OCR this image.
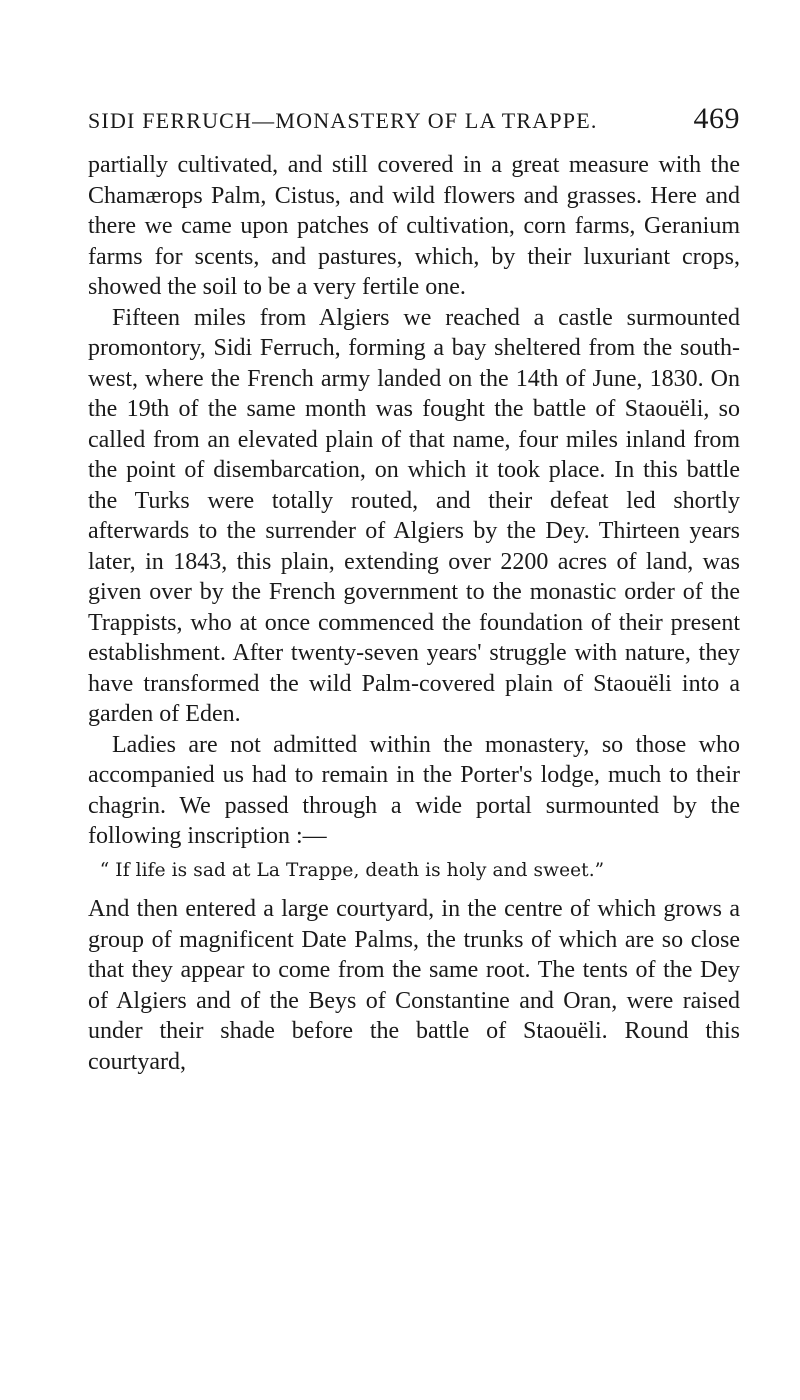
SIDI FERRUCH—MONASTERY OF LA TRAPPE.	469

partially cultivated, and still covered in a great measure with the Chamærops Palm, Cistus, and wild flowers and grasses. Here and there we came upon patches of cultivation, corn farms, Geranium farms for scents, and pastures, which, by their luxuriant crops, showed the soil to be a very fertile one.

Fifteen miles from Algiers we reached a castle surmounted promontory, Sidi Ferruch, forming a bay sheltered from the south-west, where the French army landed on the 14th of June, 1830. On the 19th of the same month was fought the battle of Staouëli, so called from an elevated plain of that name, four miles inland from the point of disembarcation, on which it took place. In this battle the Turks were totally routed, and their defeat led shortly afterwards to the surrender of Algiers by the Dey. Thirteen years later, in 1843, this plain, extending over 2200 acres of land, was given over by the French government to the monastic order of the Trappists, who at once commenced the foundation of their present establishment. After twenty-seven years' struggle with nature, they have transformed the wild Palm-covered plain of Staouëli into a garden of Eden.

Ladies are not admitted within the monastery, so those who accompanied us had to remain in the Porter's lodge, much to their chagrin. We passed through a wide portal surmounted by the following inscription :—

“ If life is sad at La Trappe, death is holy and sweet.”

And then entered a large courtyard, in the centre of which grows a group of magnificent Date Palms, the trunks of which are so close that they appear to come from the same root. The tents of the Dey of Algiers and of the Beys of Constantine and Oran, were raised under their shade before the battle of Staouëli. Round this courtyard,
